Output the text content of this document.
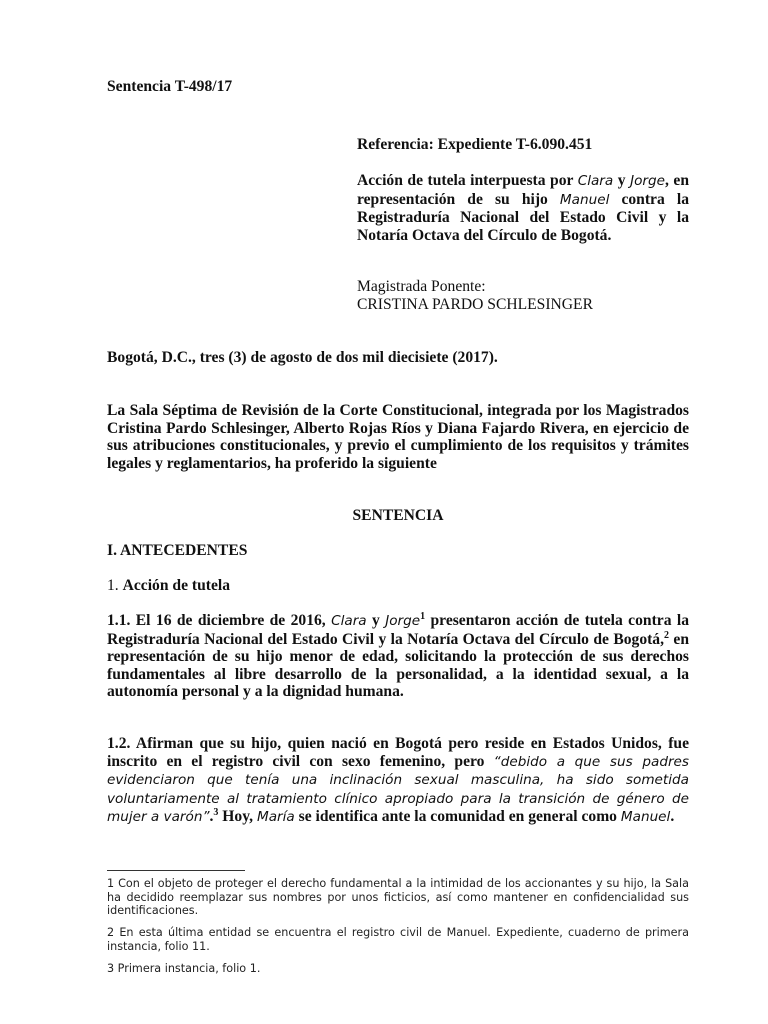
Sentencia T-498/17

Referencia: Expediente T-6.090.451

Acción de tutela interpuesta por Clara y Jorge, en representación de su hijo Manuel contra la Registraduría Nacional del Estado Civil y la Notaría Octava del Círculo de Bogotá.

Magistrada Ponente:

CRISTINA PARDO SCHLESINGER

Bogotá, D.C., tres (3) de agosto de dos mil diecisiete (2017).

La Sala Séptima de Revisión de la Corte Constitucional, integrada por los Magistrados Cristina Pardo Schlesinger, Alberto Rojas Ríos y Diana Fajardo Rivera, en ejercicio de sus atribuciones constitucionales, y previo el cumplimiento de los requisitos y trámites legales y reglamentarios, ha proferido la siguiente

SENTENCIA

I. ANTECEDENTES

1. Acción de tutela

1.1. El 16 de diciembre de 2016, Clara y Jorge$^1$ presentaron acción de tutela contra la Registraduría Nacional del Estado Civil y la Notaría Octava del Círculo de Bogotá,$^2$ en representación de su hijo menor de edad, solicitando la protección de sus derechos fundamentales al libre desarrollo de la personalidad, a la identidad sexual, a la autonomía personal y a la dignidad humana.

1.2. Afirman que su hijo, quien nació en Bogotá pero reside en Estados Unidos, fue inscrito en el registro civil con sexo femenino, pero “debido a que sus padres evidenciaron que tenía una inclinación sexual masculina, ha sido sometida voluntariamente al tratamiento clínico apropiado para la transición de género de mujer a varón”.$^3$ Hoy, María se identifica ante la comunidad en general como Manuel.

1 Con el objeto de proteger el derecho fundamental a la intimidad de los accionantes y su hijo, la Sala ha decidido reemplazar sus nombres por unos ficticios, así como mantener en confidencialidad sus identificaciones.

2 En esta última entidad se encuentra el registro civil de Manuel. Expediente, cuaderno de primera instancia, folio 11.

3 Primera instancia, folio 1.
